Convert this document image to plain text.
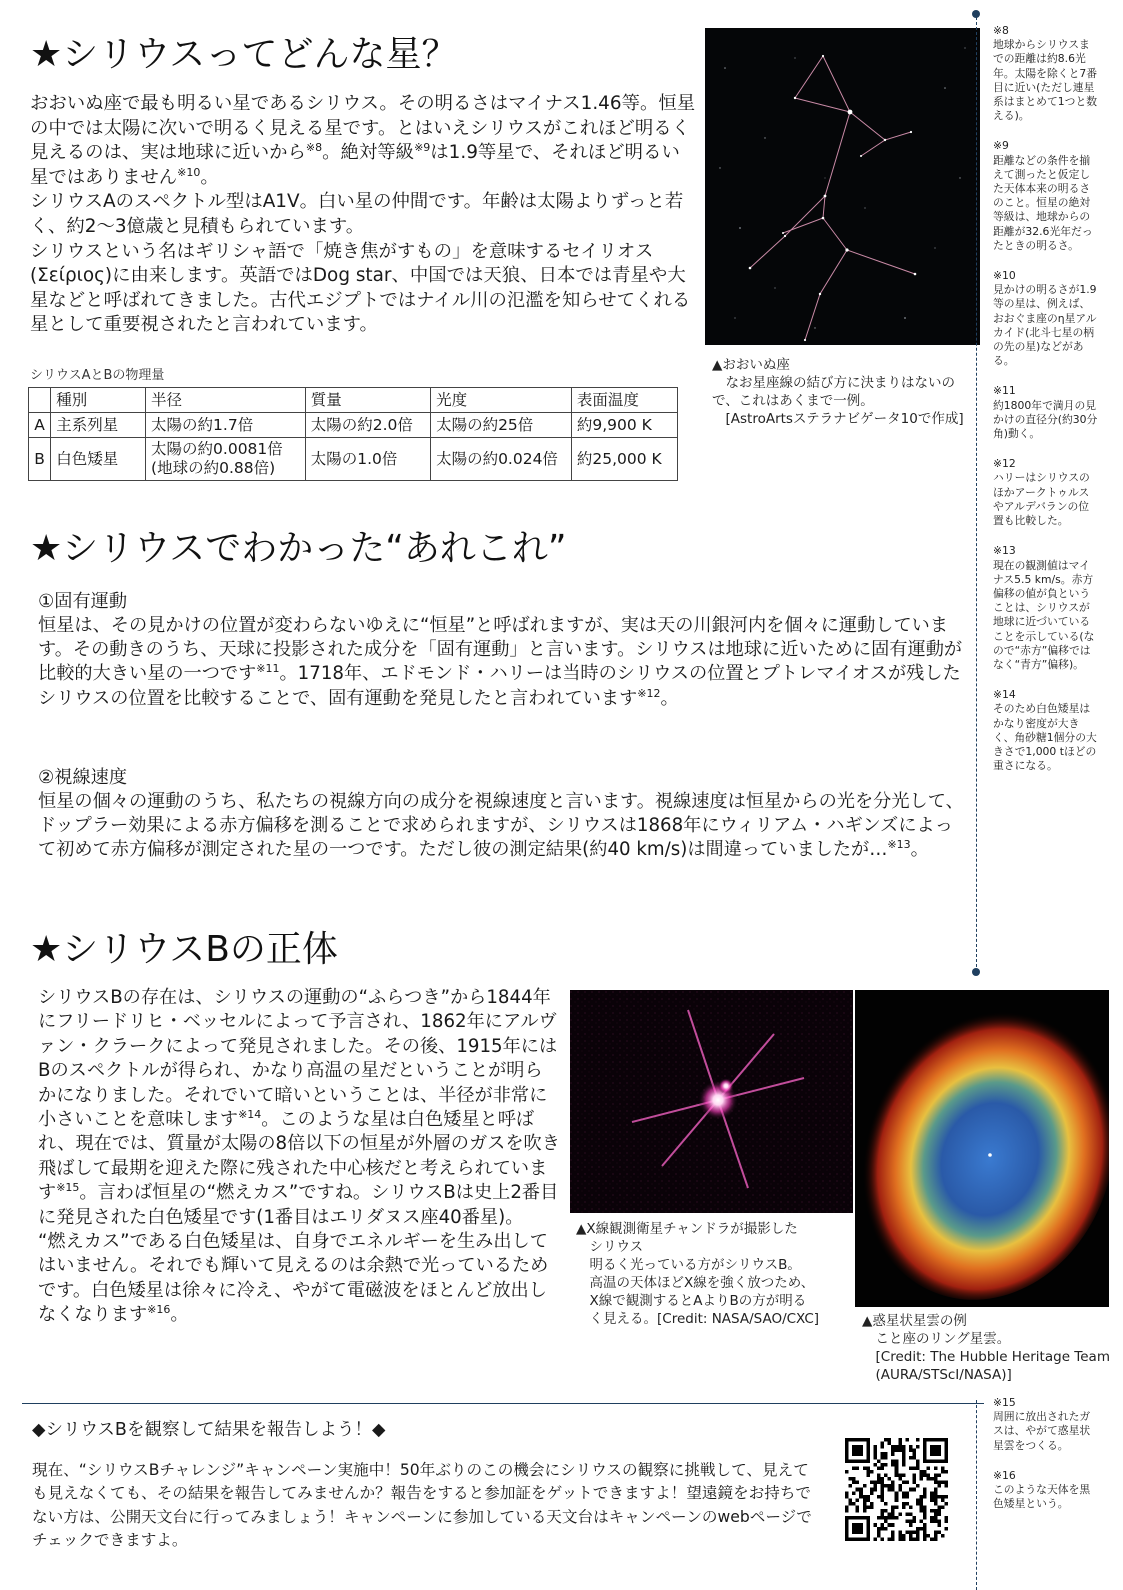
★シリウスってどんな星？

おおいぬ座で最も明るい星であるシリウス。その明るさはマイナス1.46等。恒星の中では太陽に次いで明るく見える星です。とはいえシリウスがこれほど明るく見えるのは、実は地球に近いから$^{※8}$。絶対等級$^{※9}$は1.9等星で、それほど明るい星ではありません$^{※10}$。
シリウスAのスペクトル型はA1V。白い星の仲間です。年齢は太陽よりずっと若く、約2～3億歳と見積もられています。
シリウスという名はギリシャ語で「焼き焦がすもの」を意味するセイリオス(Σείριος)に由来します。英語ではDog star、中国では天狼、日本では青星や大星などと呼ばれてきました。古代エジプトではナイル川の氾濫を知らせてくれる星として重要視されたと言われています。

▲おおいぬ座
　なお星座線の結び方に決まりはないので、これはあくまで一例。
　[AstroArtsステラナビゲータ10で作成]
シリウスAとBの物理量
	種別	半径	質量	光度	表面温度
A	主系列星	太陽の約1.7倍	太陽の約2.0倍	太陽の約25倍	約9,900 K
B	白色矮星	太陽の約0.0081倍
(地球の約0.88倍)	太陽の1.0倍	太陽の約0.024倍	約25,000 K
★シリウスでわかった“あれこれ”
①固有運動

恒星は、その見かけの位置が変わらないゆえに“恒星”と呼ばれますが、実は天の川銀河内を個々に運動しています。その動きのうち、天球に投影された成分を「固有運動」と言います。シリウスは地球に近いために固有運動が比較的大きい星の一つです$^{※11}$。1718年、エドモンド・ハリーは当時のシリウスの位置とプトレマイオスが残したシリウスの位置を比較することで、固有運動を発見したと言われています$^{※12}$。

②視線速度

恒星の個々の運動のうち、私たちの視線方向の成分を視線速度と言います。視線速度は恒星からの光を分光して、ドップラー効果による赤方偏移を測ることで求められますが、シリウスは1868年にウィリアム・ハギンズによって初めて赤方偏移が測定された星の一つです。ただし彼の測定結果(約40 km/s)は間違っていましたが…$^{※13}$。

★シリウスBの正体

シリウスBの存在は、シリウスの運動の“ふらつき”から1844年にフリードリヒ・ベッセルによって予言され、1862年にアルヴァン・クラークによって発見されました。その後、1915年にはBのスペクトルが得られ、かなり高温の星だということが明らかになりました。それでいて暗いということは、半径が非常に小さいことを意味します$^{※14}$。このような星は白色矮星と呼ばれ、現在では、質量が太陽の8倍以下の恒星が外層のガスを吹き飛ばして最期を迎えた際に残された中心核だと考えられています$^{※15}$。言わば恒星の“燃えカス”ですね。シリウスBは史上2番目に発見された白色矮星です(1番目はエリダヌス座40番星)。
“燃えカス”である白色矮星は、自身でエネルギーを生み出してはいません。それでも輝いて見えるのは余熱で光っているためです。白色矮星は徐々に冷え、やがて電磁波をほとんど放出しなくなります$^{※16}$。

▲X線観測衛星チャンドラが撮影した
　シリウス
　明るく光っている方がシリウスB。
　高温の天体ほどX線を強く放つため、
　X線で観測するとAよりBの方が明る
　く見える。[Credit: NASA/SAO/CXC]	▲惑星状星雲の例
　こと座のリング星雲。
　[Credit: The Hubble Heritage Team
　(AURA/STScI/NASA)]
※8
地球からシリウスまでの距離は約8.6光年。太陽を除くと7番目に近い(ただし連星系はまとめて1つと数える)。
※9
距離などの条件を揃えて測ったと仮定した天体本来の明るさのこと。恒星の絶対等級は、地球からの距離が32.6光年だったときの明るさ。
※10
見かけの明るさが1.9等の星は、例えば、おおぐま座のη星アルカイド(北斗七星の柄の先の星)などがある。
※11
約1800年で満月の見かけの直径分(約30分角)動く。
※12
ハリーはシリウスのほかアークトゥルスやアルデバランの位置も比較した。
※13
現在の観測値はマイナス5.5 km/s。赤方偏移の値が負ということは、シリウスが地球に近づいていることを示している(なので“赤方”偏移ではなく“青方”偏移)。
※14
そのため白色矮星はかなり密度が大きく、角砂糖1個分の大きさで1,000 tほどの重さになる。
◆シリウスBを観察して結果を報告しよう！◆

現在、“シリウスBチャレンジ”キャンペーン実施中！50年ぶりのこの機会にシリウスの観察に挑戦して、見えても見えなくても、その結果を報告してみませんか？報告をすると参加証をゲットできますよ！望遠鏡をお持ちでない方は、公開天文台に行ってみましょう！キャンペーンに参加している天文台はキャンペーンのwebページでチェックできますよ。

※15
周囲に放出されたガスは、やがて惑星状星雲をつくる。
※16
このような天体を黒色矮星という。
